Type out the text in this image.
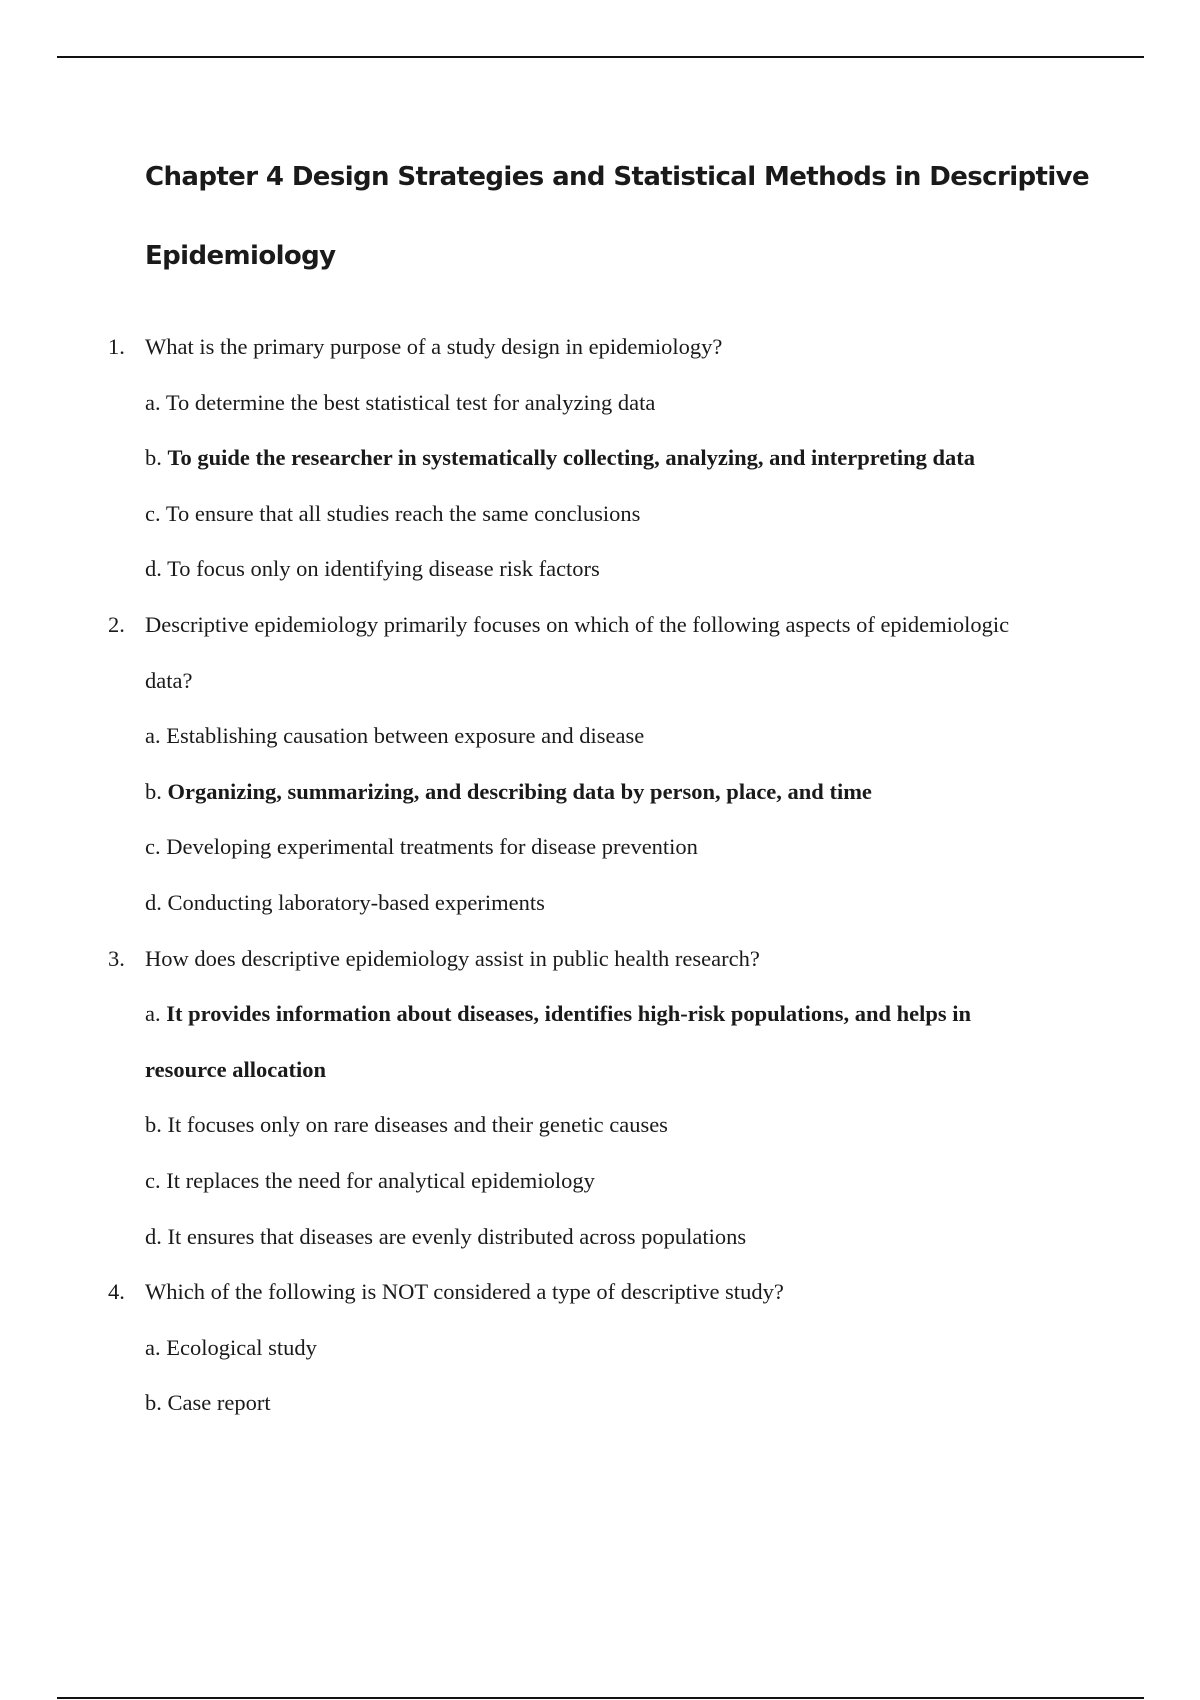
Chapter 4 Design Strategies and Statistical Methods in Descriptive
Epidemiology
1. What is the primary purpose of a study design in epidemiology?
a. To determine the best statistical test for analyzing data
b. To guide the researcher in systematically collecting, analyzing, and interpreting data
c. To ensure that all studies reach the same conclusions
d. To focus only on identifying disease risk factors
2. Descriptive epidemiology primarily focuses on which of the following aspects of epidemiologic
data?
a. Establishing causation between exposure and disease
b. Organizing, summarizing, and describing data by person, place, and time
c. Developing experimental treatments for disease prevention
d. Conducting laboratory-based experiments
3. How does descriptive epidemiology assist in public health research?
a. It provides information about diseases, identifies high-risk populations, and helps in
resource allocation
b. It focuses only on rare diseases and their genetic causes
c. It replaces the need for analytical epidemiology
d. It ensures that diseases are evenly distributed across populations
4. Which of the following is NOT considered a type of descriptive study?
a. Ecological study
b. Case report
